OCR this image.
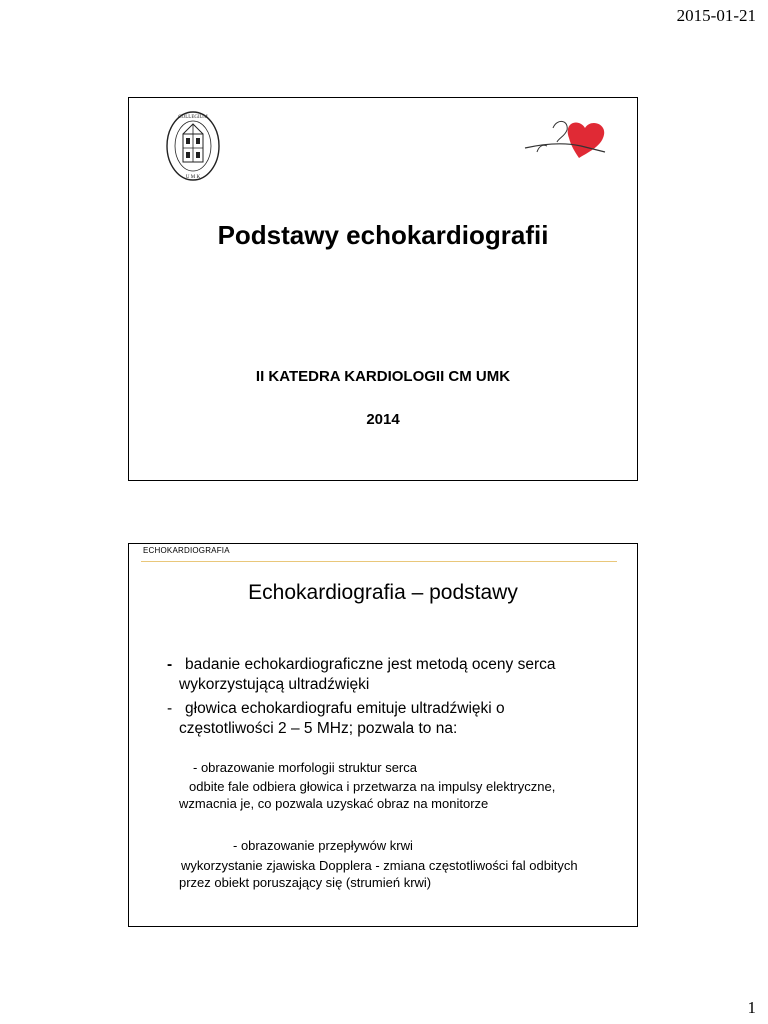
2015-01-21
COLLEGIUM
U M K
Podstawy echokardiografii
II KATEDRA KARDIOLOGII CM UMK
2014
ECHOKARDIOGRAFIA
Echokardiografia – podstawy
- badanie echokardiograficzne jest metodą oceny serca
wykorzystującą ultradźwięki
- głowica echokardiografu emituje ultradźwięki o
częstotliwości 2 – 5 MHz; pozwala to na:
- obrazowanie morfologii struktur serca
odbite fale odbiera głowica i przetwarza na impulsy elektryczne,
wzmacnia je, co pozwala uzyskać obraz na monitorze
- obrazowanie przepływów krwi
wykorzystanie zjawiska Dopplera - zmiana częstotliwości fal odbitych
przez obiekt poruszający się (strumień krwi)
1
